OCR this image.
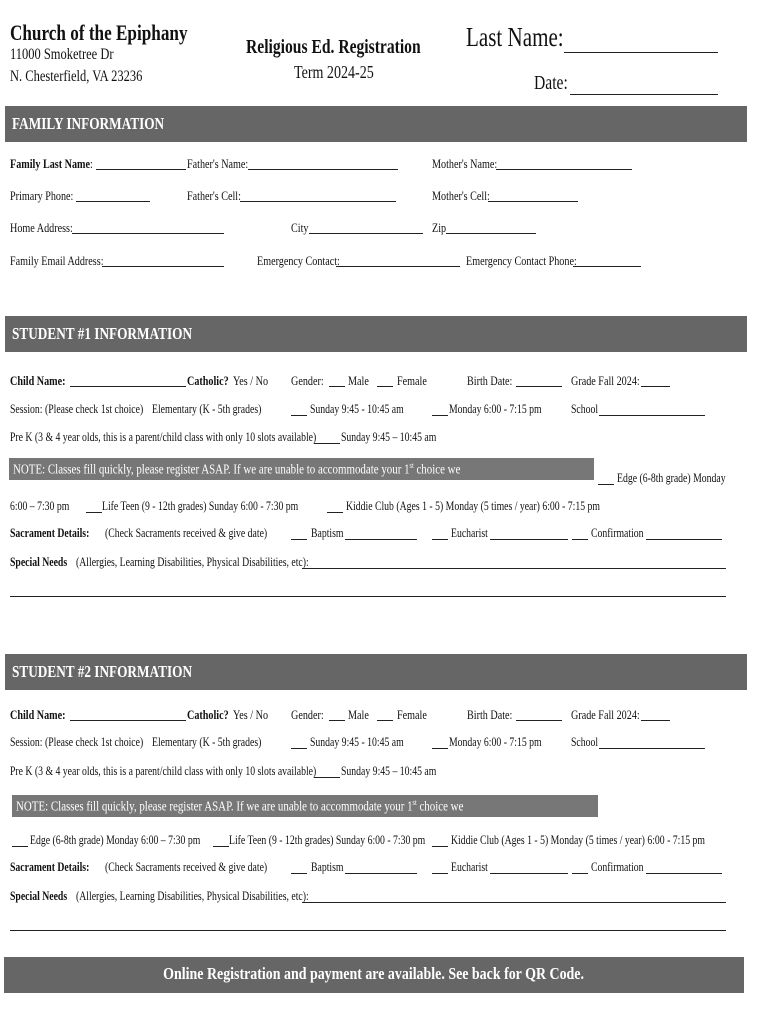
Church of the Epiphany
11000 Smoketree Dr
N. Chesterfield, VA 23236
Religious Ed. Registration
Term 2024-25
Last Name:
Date:
FAMILY INFORMATION
Family Last Name :	Father's Name:	Mother's Name:
Primary Phone:	Father's Cell:	Mother's Cell:
Home Address:	City	Zip
Family Email Address:	Emergency Contact:	Emergency Contact Phone:
STUDENT #1 INFORMATION
Child Name:	Catholic? Yes / No	Gender:	Male	Female	Birth Date:	Grade Fall 2024:
Session: (Please check 1st choice) Elementary (K - 5th grades)	Sunday 9:45 - 10:45 am	Monday 6:00 - 7:15 pm	School
Pre K (3 & 4 year olds, this is a parent/child class with only 10 slots available)	Sunday 9:45 – 10:45 am
NOTE: Classes fill quickly, please register ASAP. If we are unable to accommodate your 1st choice we will contact you.
Edge (6-8th grade) Monday
6:00 – 7:30 pm	Life Teen (9 - 12th grades) Sunday 6:00 - 7:30 pm	Kiddie Club (Ages 1 - 5) Monday (5 times / year) 6:00 - 7:15 pm
Sacrament Details:	(Check Sacraments received & give date)	Baptism	Eucharist	Confirmation
Special Needs (Allergies, Learning Disabilities, Physical Disabilities, etc):
STUDENT #2 INFORMATION
Child Name:	Catholic? Yes / No	Gender:	Male	Female	Birth Date:	Grade Fall 2024:
Session: (Please check 1st choice) Elementary (K - 5th grades)	Sunday 9:45 - 10:45 am	Monday 6:00 - 7:15 pm	School
Pre K (3 & 4 year olds, this is a parent/child class with only 10 slots available)	Sunday 9:45 – 10:45 am
NOTE: Classes fill quickly, please register ASAP. If we are unable to accommodate your 1st choice we will contact you.
Edge (6-8th grade) Monday 6:00 – 7:30 pm	Life Teen (9 - 12th grades) Sunday 6:00 - 7:30 pm	Kiddie Club (Ages 1 - 5) Monday (5 times / year) 6:00 - 7:15 pm
Sacrament Details:	(Check Sacraments received & give date)	Baptism	Eucharist	Confirmation
Special Needs (Allergies, Learning Disabilities, Physical Disabilities, etc):
Online Registration and payment are available. See back for QR Code.
